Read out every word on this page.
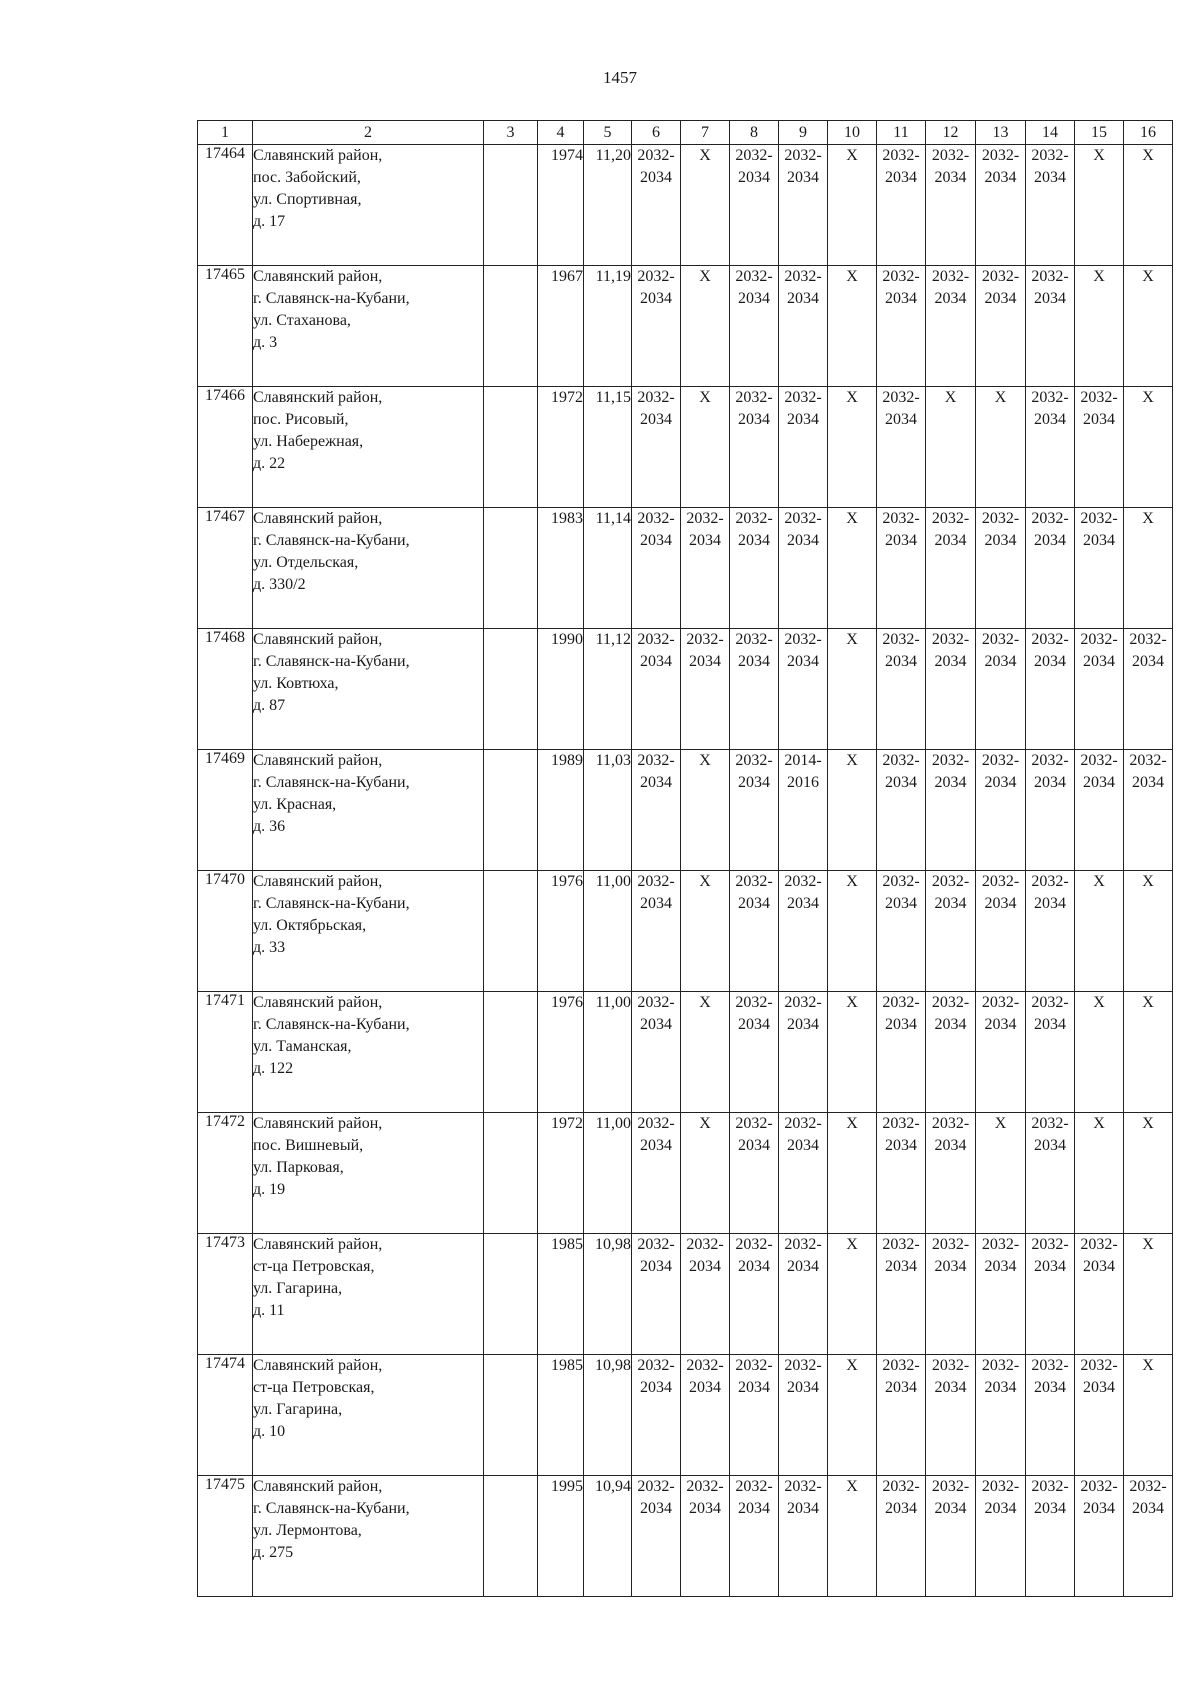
1457
1	2	3	4	5	6	7	8	9	10	11	12	13	14	15	16
17464	Славянский район,
пос. Забойский,
ул. Спортивная,
д. 17		1974	11,20	2032-
2034	Х	2032-
2034	2032-
2034	Х	2032-
2034	2032-
2034	2032-
2034	2032-
2034	Х	Х
17465	Славянский район,
г. Славянск-на-Кубани,
ул. Стаханова,
д. 3		1967	11,19	2032-
2034	Х	2032-
2034	2032-
2034	Х	2032-
2034	2032-
2034	2032-
2034	2032-
2034	Х	Х
17466	Славянский район,
пос. Рисовый,
ул. Набережная,
д. 22		1972	11,15	2032-
2034	Х	2032-
2034	2032-
2034	Х	2032-
2034	Х	Х	2032-
2034	2032-
2034	Х
17467	Славянский район,
г. Славянск-на-Кубани,
ул. Отдельская,
д. 330/2		1983	11,14	2032-
2034	2032-
2034	2032-
2034	2032-
2034	Х	2032-
2034	2032-
2034	2032-
2034	2032-
2034	2032-
2034	Х
17468	Славянский район,
г. Славянск-на-Кубани,
ул. Ковтюха,
д. 87		1990	11,12	2032-
2034	2032-
2034	2032-
2034	2032-
2034	Х	2032-
2034	2032-
2034	2032-
2034	2032-
2034	2032-
2034	2032-
2034
17469	Славянский район,
г. Славянск-на-Кубани,
ул. Красная,
д. 36		1989	11,03	2032-
2034	Х	2032-
2034	2014-
2016	Х	2032-
2034	2032-
2034	2032-
2034	2032-
2034	2032-
2034	2032-
2034
17470	Славянский район,
г. Славянск-на-Кубани,
ул. Октябрьская,
д. 33		1976	11,00	2032-
2034	Х	2032-
2034	2032-
2034	Х	2032-
2034	2032-
2034	2032-
2034	2032-
2034	Х	Х
17471	Славянский район,
г. Славянск-на-Кубани,
ул. Таманская,
д. 122		1976	11,00	2032-
2034	Х	2032-
2034	2032-
2034	Х	2032-
2034	2032-
2034	2032-
2034	2032-
2034	Х	Х
17472	Славянский район,
пос. Вишневый,
ул. Парковая,
д. 19		1972	11,00	2032-
2034	Х	2032-
2034	2032-
2034	Х	2032-
2034	2032-
2034	Х	2032-
2034	Х	Х
17473	Славянский район,
ст-ца Петровская,
ул. Гагарина,
д. 11		1985	10,98	2032-
2034	2032-
2034	2032-
2034	2032-
2034	Х	2032-
2034	2032-
2034	2032-
2034	2032-
2034	2032-
2034	Х
17474	Славянский район,
ст-ца Петровская,
ул. Гагарина,
д. 10		1985	10,98	2032-
2034	2032-
2034	2032-
2034	2032-
2034	Х	2032-
2034	2032-
2034	2032-
2034	2032-
2034	2032-
2034	Х
17475	Славянский район,
г. Славянск-на-Кубани,
ул. Лермонтова,
д. 275		1995	10,94	2032-
2034	2032-
2034	2032-
2034	2032-
2034	Х	2032-
2034	2032-
2034	2032-
2034	2032-
2034	2032-
2034	2032-
2034
